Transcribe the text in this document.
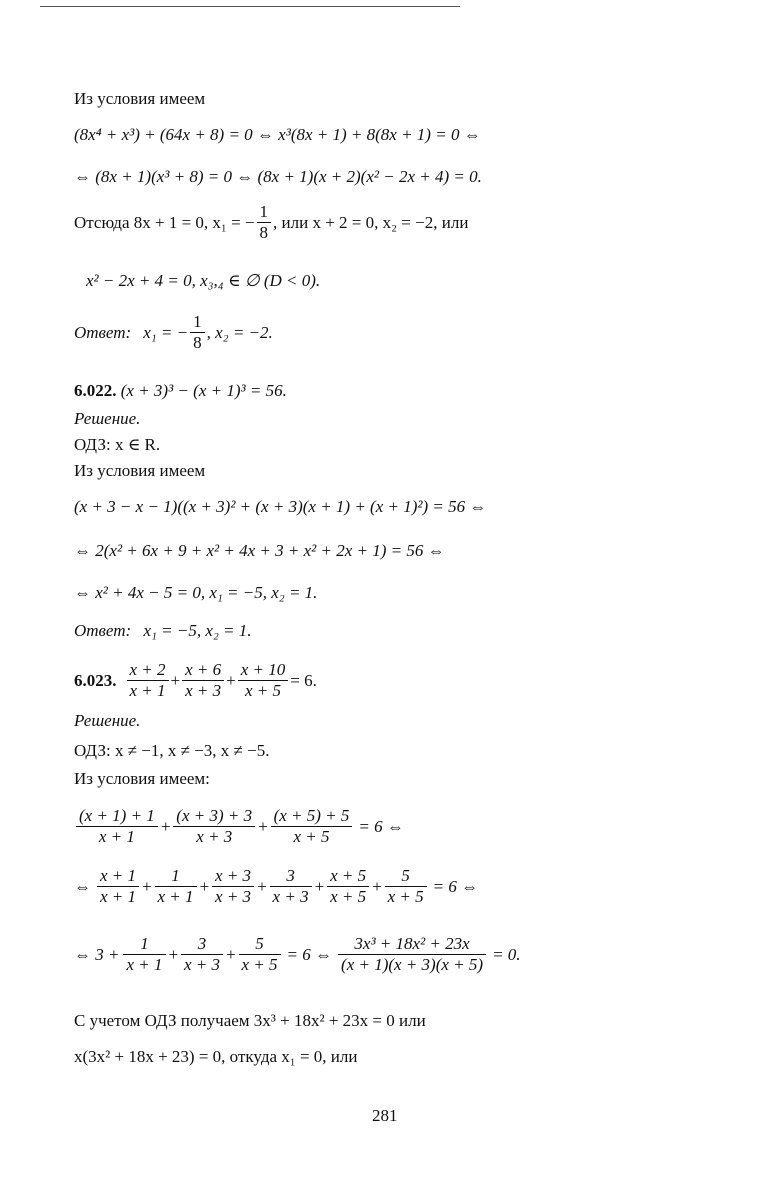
Из условия имеем
(8x⁴ + x³) + (64x + 8) = 0 ⇔ x³(8x + 1) + 8(8x + 1) = 0 ⇔
⇔ (8x + 1)(x³ + 8) = 0 ⇔ (8x + 1)(x + 2)(x² − 2x + 4) = 0.
Отсюда 8x + 1 = 0, x₁ = − $\frac{1}{8}$ , или x + 2 = 0, x₂ = −2, или
x² − 2x + 4 = 0, x₃,₄ ∈ ∅ (D < 0).
Ответ: x₁ = − $\frac{1}{8}$ , x₂ = −2.
6.022. (x + 3)³ − (x + 1)³ = 56.
Решение.
ОДЗ: x ∈ R.
Из условия имеем
(x + 3 − x − 1)((x + 3)² + (x + 3)(x + 1) + (x + 1)²) = 56 ⇔
⇔ 2(x² + 6x + 9 + x² + 4x + 3 + x² + 2x + 1) = 56 ⇔
⇔ x² + 4x − 5 = 0, x₁ = −5, x₂ = 1.
Ответ: x₁ = −5, x₂ = 1.
6.023. $\frac{x + 2}{x + 1} + \frac{x + 6}{x + 3} + \frac{x + 10}{x + 5} = 6$.
Решение.
ОДЗ: x ≠ −1, x ≠ −3, x ≠ −5.
Из условия имеем:
$\frac{(x + 1) + 1}{x + 1} + \frac{(x + 3) + 3}{x + 3} + \frac{(x + 5) + 5}{x + 5} = 6$ ⇔
⇔ $\frac{x + 1}{x + 1} + \frac{1}{x + 1} + \frac{x + 3}{x + 3} + \frac{3}{x + 3} + \frac{x + 5}{x + 5} + \frac{5}{x + 5} = 6$ ⇔
⇔ $3 + \frac{1}{x + 1} + \frac{3}{x + 3} + \frac{5}{x + 5} = 6$ ⇔ $\frac{\text{3x³ + 18x² + 23x}}{(x + 1)(x + 3)(x + 5)} = 0$.
С учетом ОДЗ получаем 3x³ + 18x² + 23x = 0 или
x(3x² + 18x + 23) = 0, откуда x₁ = 0, или
281
